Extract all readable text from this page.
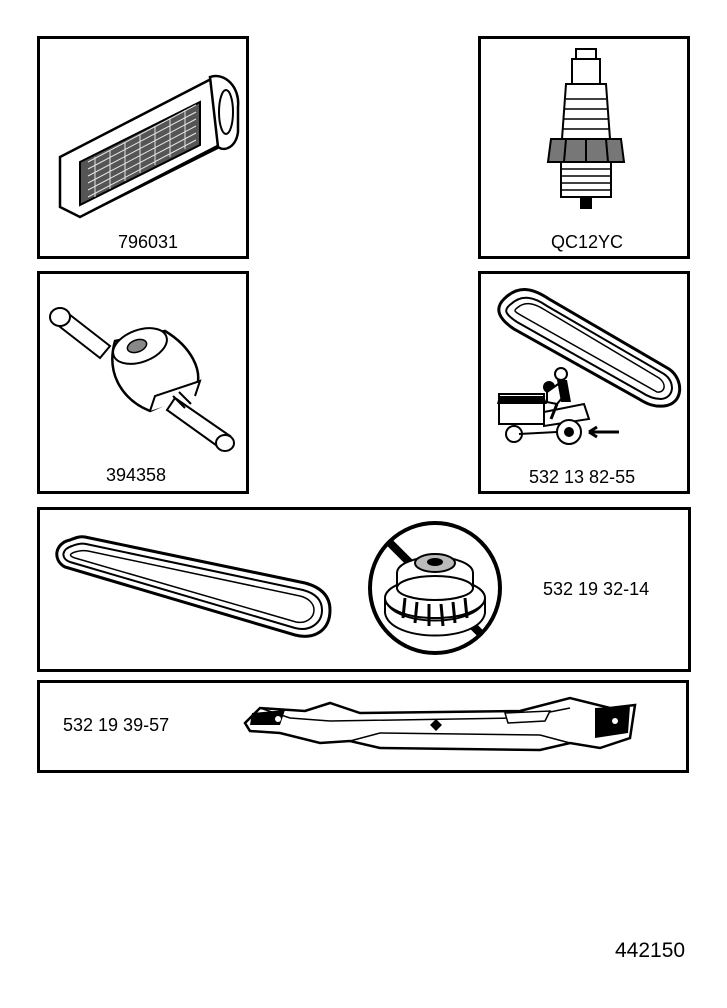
796031	QC12YC
394358	532 13 82-55
532 19 32-14
532 19 39-57
442150
